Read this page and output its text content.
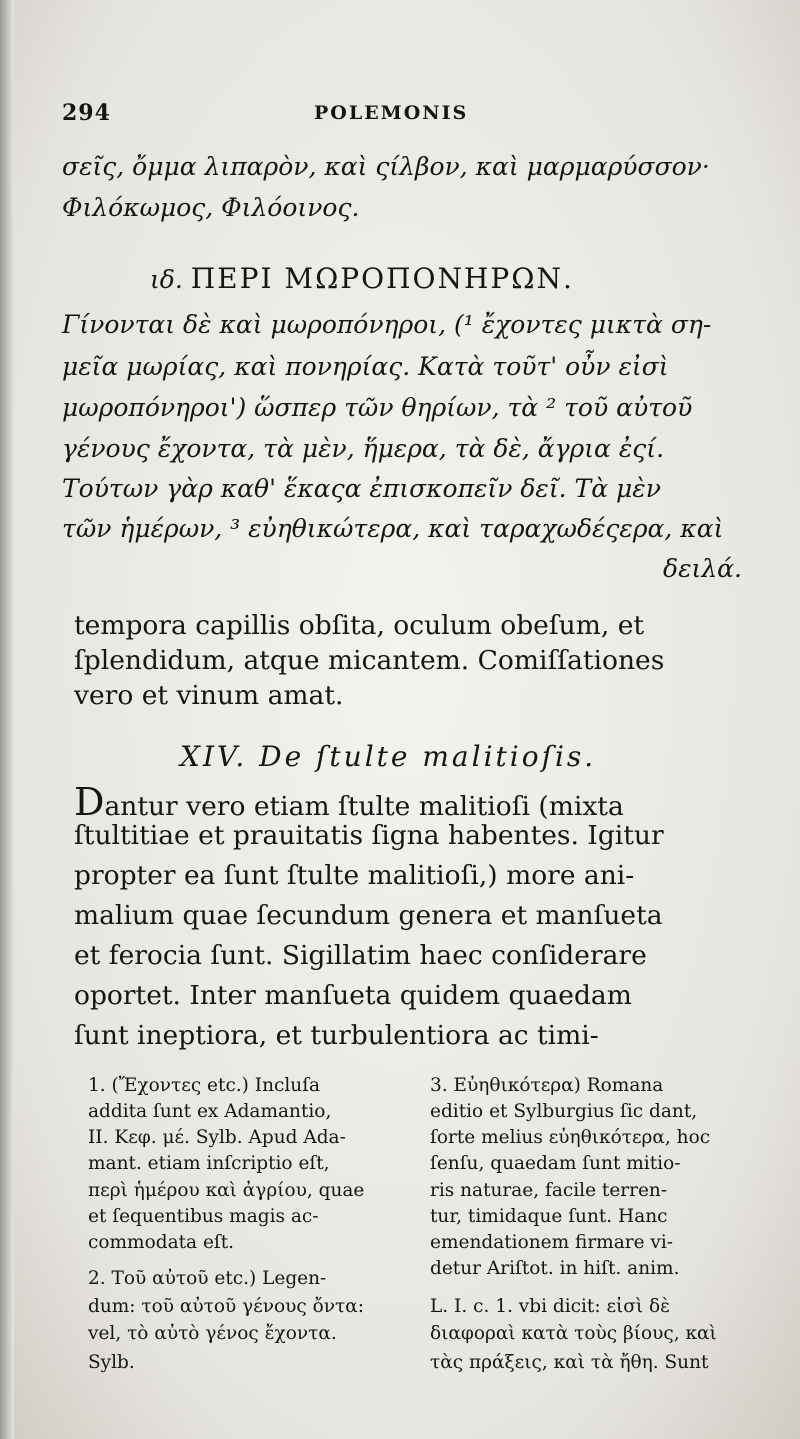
294	POLEMONIS
σεῖς, ὄμμα λιπαρὸν, καὶ ςίλβον, καὶ μαρμαρύσσον·
Φιλόκωμος, Φιλόοινος.
ιδ. ΠΕΡΙ ΜΩΡΟΠΟΝΗΡΩΝ.
Γίνονται δὲ καὶ μωροπόνηροι, (¹ ἔχοντες μικτὰ ση-
μεῖα μωρίας, καὶ πονηρίας. Κατὰ τοῦτ' οὖν εἰσὶ
μωροπόνηροι') ὥσπερ τῶν θηρίων, τὰ ² τοῦ αὐτοῦ
γένους ἔχοντα, τὰ μὲν, ἥμερα, τὰ δὲ, ἄγρια ἐςί.
Τούτων γὰρ καθ' ἕκαςα ἐπισκοπεῖν δεῖ. Τὰ μὲν
τῶν ἡμέρων, ³ εὐηθικώτερα, καὶ ταραχωδέςερα, καὶ
δειλά.
tempora capillis obſita, oculum obeſum, et
ſplendidum, atque micantem. Comiſſationes
vero et vinum amat.
XIV. De ſtulte malitioſis.
Dantur vero etiam ſtulte malitioſi (mixta
ſtultitiae et prauitatis ſigna habentes. Igitur
propter ea ſunt ſtulte malitioſi,) more ani-
malium quae ſecundum genera et manſueta
et ferocia ſunt. Sigillatim haec conſiderare
oportet. Inter manſueta quidem quaedam
ſunt ineptiora, et turbulentiora ac timi-
1. (Ἔχοντες etc.) Incluſa
addita ſunt ex Adamantio,
II. Κεφ. μέ. Sylb. Apud Ada-
mant. etiam inſcriptio eſt,
περὶ ἡμέρου καὶ ἀγρίου, quae
et ſequentibus magis ac-
commodata eſt.
2. Τοῦ αὐτοῦ etc.) Legen-
dum: τοῦ αὐτοῦ γένους ὄντα:
vel, τὸ αὐτὸ γένος ἔχοντα.
Sylb.
3. Εὐηθικότερα) Romana
editio et Sylburgius ſic dant,
ſorte melius εὐηθικότερα, hoc
ſenſu, quaedam ſunt mitio-
ris naturae, facile terren-
tur, timidaque ſunt. Hanc
emendationem firmare vi-
detur Ariſtot. in hiſt. anim.
L. I. c. 1. vbi dicit: εἰσὶ δὲ
διαφοραὶ κατὰ τοὺς βίους, καὶ
τὰς πράξεις, καὶ τὰ ἤθη. Sunt
